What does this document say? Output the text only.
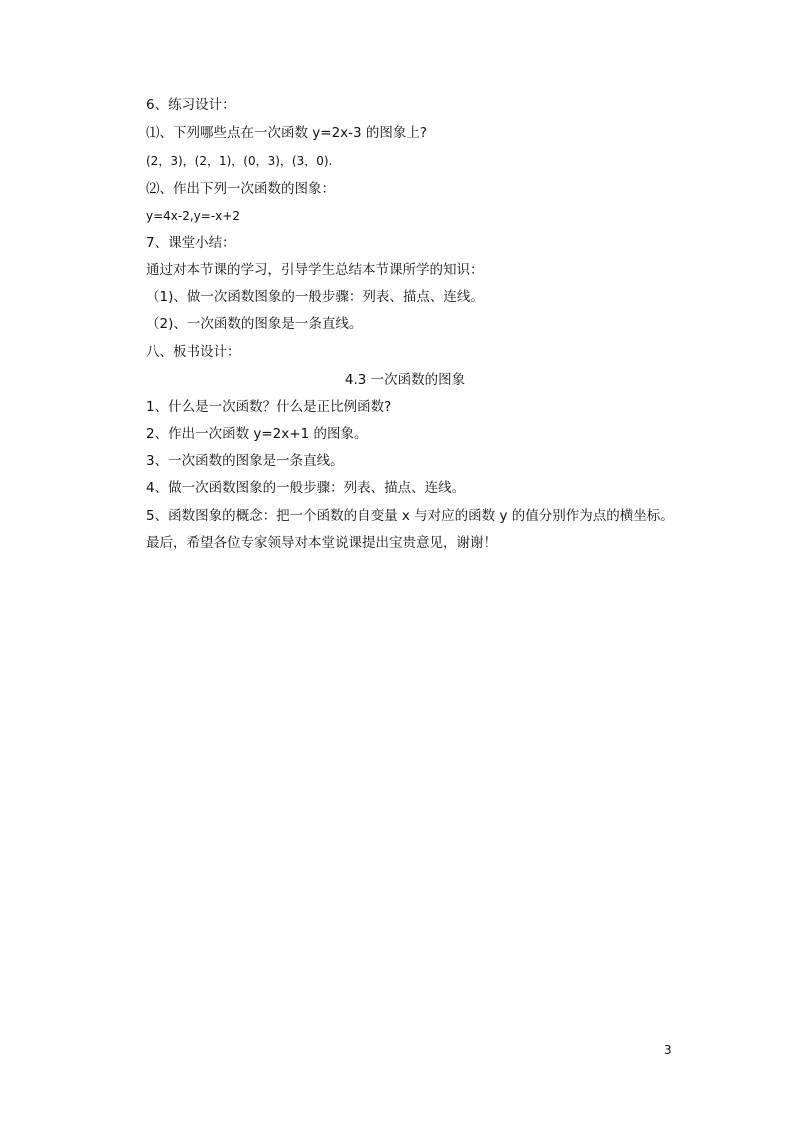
6、练习设计：
⑴、下列哪些点在一次函数 y=2x-3 的图象上?
(2，3)，(2，1)，(0，3)，(3，0).
⑵、作出下列一次函数的图象：
y=4x-2,y=-x+2
7、课堂小结：
通过对本节课的学习，引导学生总结本节课所学的知识：
（1)、做一次函数图象的一般步骤：列表、描点、连线。
（2)、一次函数的图象是一条直线。
八、板书设计：
4.3 一次函数的图象
1、什么是一次函数？什么是正比例函数?
2、作出一次函数 y=2x+1 的图象。
3、一次函数的图象是一条直线。
4、做一次函数图象的一般步骤：列表、描点、连线。
5、函数图象的概念：把一个函数的自变量 x 与对应的函数 y 的值分别作为点的横坐标。
最后，希望各位专家领导对本堂说课提出宝贵意见，谢谢！
3
